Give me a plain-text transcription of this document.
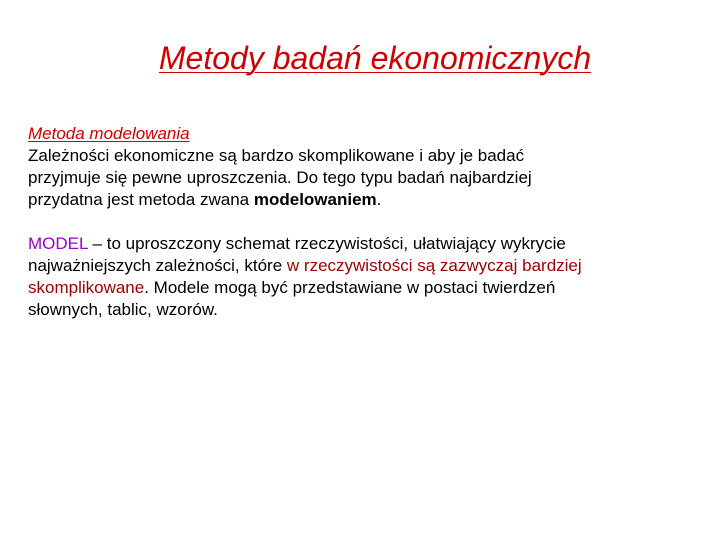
Metody badań ekonomicznych
Metoda modelowania
Zależności ekonomiczne są bardzo skomplikowane i aby je badać
przyjmuje się pewne uproszczenia. Do tego typu badań najbardziej
przydatna jest metoda zwana modelowaniem.
MODEL – to uproszczony schemat rzeczywistości, ułatwiający wykrycie
najważniejszych zależności, które w rzeczywistości są zazwyczaj bardziej
skomplikowane. Modele mogą być przedstawiane w postaci twierdzeń
słownych, tablic, wzorów.
